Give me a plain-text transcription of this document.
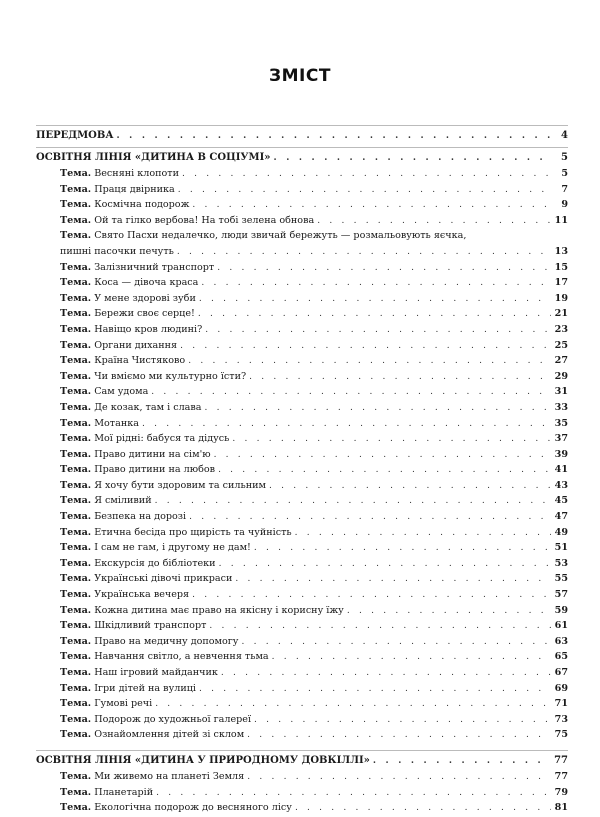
ЗМІСТ
ПЕРЕДМОВА . . .	4
ОСВІТНЯ ЛІНІЯ «ДИТИНА В СОЦІУМІ» . . .	5
Тема. Весняні клопоти . . .	5
Тема. Праця двірника . . .	7
Тема. Космічна подорож . . .	9
Тема. Ой та гілко вербова! На тобі зелена обнова . . .	11
Тема. Свято Пасхи недалечко, люди звичай бережуть — розмальовують яєчка,
пишні пасочки печуть . . .	13
Тема. Залізничний транспорт . . .	15
Тема. Коса — дівоча краса . . .	17
Тема. У мене здорові зуби . . .	19
Тема. Бережи своє серце! . . .	21
Тема. Навіщо кров людині? . . .	23
Тема. Органи дихання . . .	25
Тема. Країна Чистяково . . .	27
Тема. Чи вміємо ми культурно їсти? . . .	29
Тема. Сам удома . . .	31
Тема. Де козак, там і слава . . .	33
Тема. Мотанка . . .	35
Тема. Мої рідні: бабуся та дідусь . . .	37
Тема. Право дитини на сім'ю . . .	39
Тема. Право дитини на любов . . .	41
Тема. Я хочу бути здоровим та сильним . . .	43
Тема. Я сміливий . . .	45
Тема. Безпека на дорозі . . .	47
Тема. Етична бесіда про щирість та чуйність . . .	49
Тема. І сам не гам, і другому не дам! . . .	51
Тема. Екскурсія до бібліотеки . . .	53
Тема. Українські дівочі прикраси . . .	55
Тема. Українська вечеря . . .	57
Тема. Кожна дитина має право на якісну і корисну їжу . . .	59
Тема. Шкідливий транспорт . . .	61
Тема. Право на медичну допомогу . . .	63
Тема. Навчання світло, а невчення тьма . . .	65
Тема. Наш ігровий майданчик . . .	67
Тема. Ігри дітей на вулиці . . .	69
Тема. Гумові речі . . .	71
Тема. Подорож до художньої галереї . . .	73
Тема. Ознайомлення дітей зі склом . . .	75
ОСВІТНЯ ЛІНІЯ «ДИТИНА У ПРИРОДНОМУ ДОВКІЛЛІ» . . .	77
Тема. Ми живемо на планеті Земля . . .	77
Тема. Планетарій . . .	79
Тема. Екологічна подорож до весняного лісу . . .	81
